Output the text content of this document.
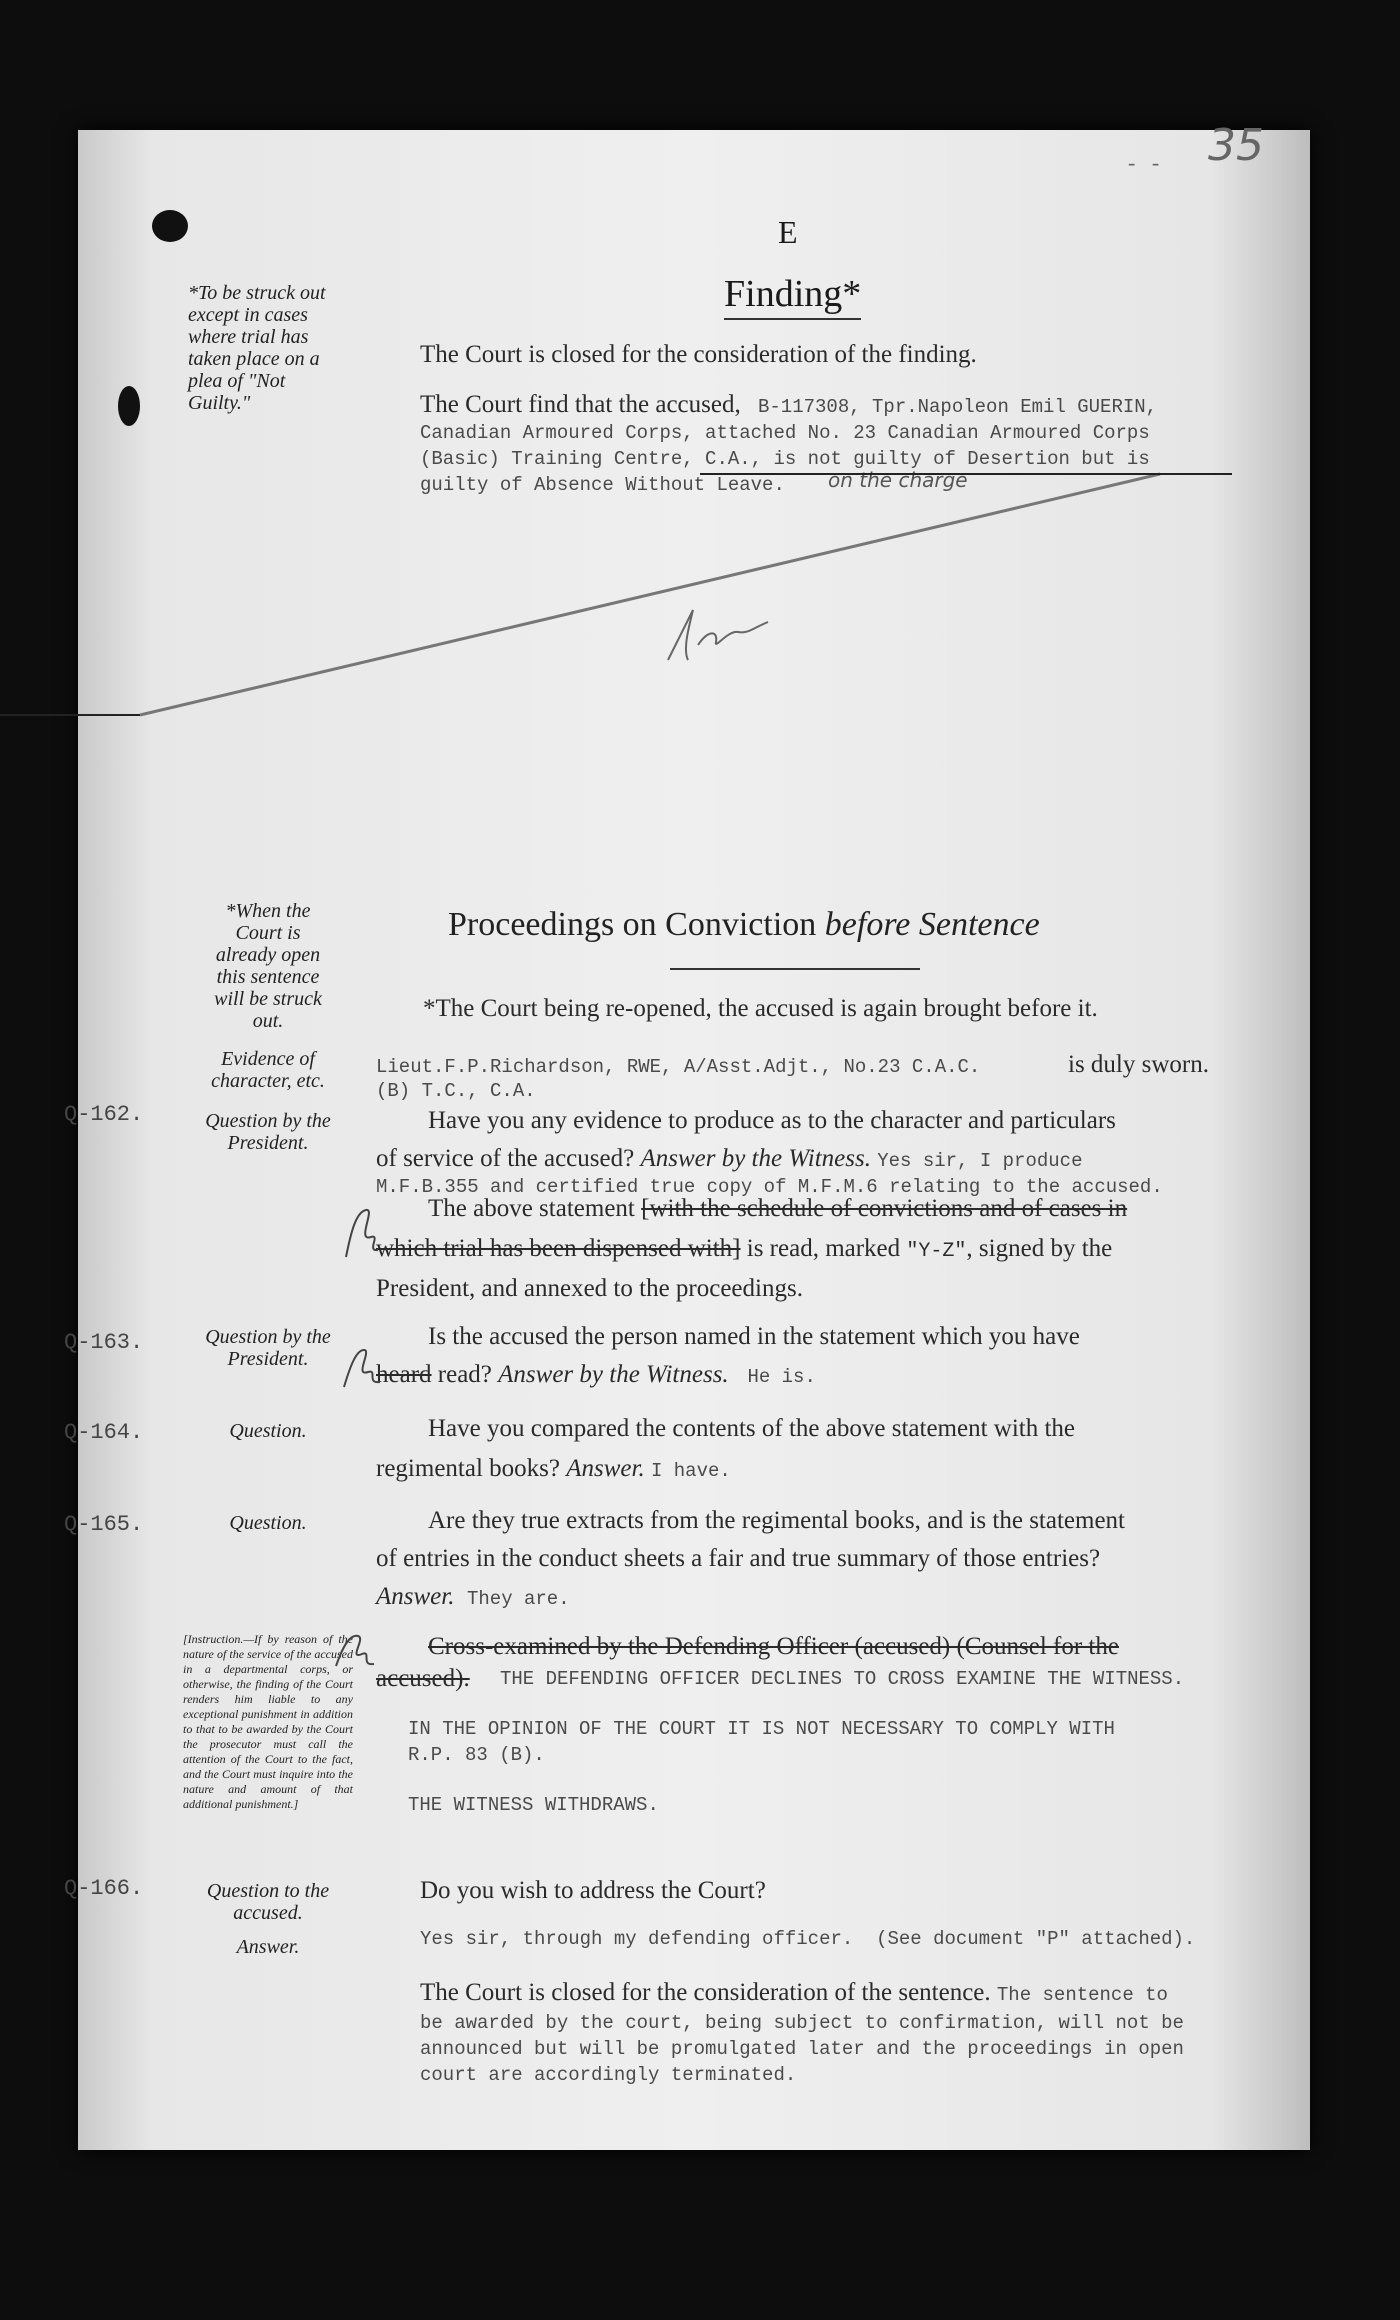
35
-   -
E
Finding*
*To be struck out except in cases where trial has taken place on a plea of "Not Guilty."
The Court is closed for the consideration of the finding.
The Court find that the accused, B-117308, Tpr.Napoleon Emil GUERIN,
Canadian Armoured Corps, attached No. 23 Canadian Armoured Corps
(Basic) Training Centre, C.A., is not guilty of Desertion but is
guilty of Absence Without Leave. on the charge
Proceedings on Conviction before Sentence
*When the Court is already open this sentence will be struck out.	*The Court being re-opened, the accused is again brought before it.
Evidence of character, etc.
Lieut.F.P.Richardson, RWE, A/Asst.Adjt., No.23 C.A.C.	is duly sworn.
(B) T.C., C.A.
Q-162.	Question by the President.
Have you any evidence to produce as to the character and particulars
of service of the accused? Answer by the Witness. Yes sir, I produce
M.F.B.355 and certified true copy of M.F.M.6 relating to the accused.
The above statement [with the schedule of convictions and of cases in
which trial has been dispensed with] is read, marked "Y-Z", signed by the
President, and annexed to the proceedings.
Q-163.	Question by the President.
Is the accused the person named in the statement which you have
heard read? Answer by the Witness. He is.
Q-164.	Question.	Have you compared the contents of the above statement with the
regimental books? Answer. I have.
Q-165.	Question.	Are they true extracts from the regimental books, and is the statement
of entries in the conduct sheets a fair and true summary of those entries?
Answer. They are.
[Instruction.—If by reason of the nature of the service of the accused in a departmental corps, or otherwise, the finding of the Court renders him liable to any exceptional punishment in addition to that to be awarded by the Court the prosecutor must call the attention of the Court to the fact, and the Court must inquire into the nature and amount of that additional punishment.]
Cross-examined by the Defending Officer (accused) (Counsel for the
accused). THE DEFENDING OFFICER DECLINES TO CROSS EXAMINE THE WITNESS.
IN THE OPINION OF THE COURT IT IS NOT NECESSARY TO COMPLY WITH
R.P. 83 (B).
THE WITNESS WITHDRAWS.
Q-166.	Question to the accused.
Do you wish to address the Court?
Answer.	Yes sir, through my defending officer.  (See document "P" attached).
The Court is closed for the consideration of the sentence. The sentence to
be awarded by the court, being subject to confirmation, will not be
announced but will be promulgated later and the proceedings in open
court are accordingly terminated.
